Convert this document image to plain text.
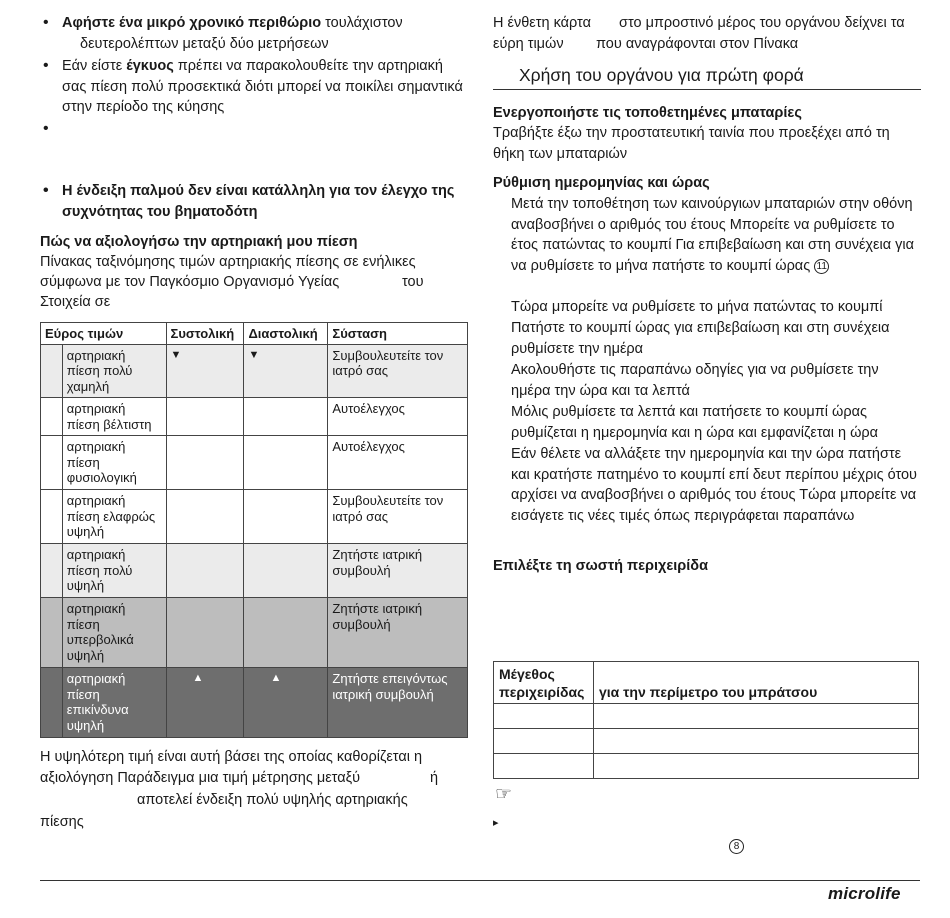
• Αφήστε ένα μικρό χρονικό περιθώριο τουλάχιστον
δευτερολέπτων μεταξύ δύο μετρήσεων
• Εάν είστε έγκυος πρέπει να παρακολουθείτε την αρτηριακή σας πίεση πολύ προσεκτικά διότι μπορεί να ποικίλει σημαντικά στην περίοδο της κύησης
•
• Η ένδειξη παλμού δεν είναι κατάλληλη για τον έλεγχο της συχνότητας του βηματοδότη
Πώς να αξιολογήσω την αρτηριακή μου πίεση
Πίνακας ταξινόμησης τιμών αρτηριακής πίεσης σε ενήλικες
σύμφωνα με τον Παγκόσμιο Οργανισμό Υγείας	του
Στοιχεία σε
Η υψηλότερη τιμή είναι αυτή βάσει της οποίας καθορίζεται η
αξιολόγηση Παράδειγμα μια τιμή μέτρησης μεταξύ	ή
αποτελεί ένδειξη πολύ υψηλής αρτηριακής
πίεσης
Εύρος τιμών		Συστολική	Διαστολική	Σύσταση
	αρτηριακή πίεση πολύ χαμηλή	▼	▼	Συμβουλευτείτε τον ιατρό σας
	αρτηριακή πίεση βέλτιστη			Αυτοέλεγχος
	αρτηριακή πίεση φυσιολογική			Αυτοέλεγχος
	αρτηριακή πίεση ελαφρώς υψηλή			Συμβουλευτείτε τον ιατρό σας
	αρτηριακή πίεση πολύ υψηλή			Ζητήστε ιατρική συμβουλή
	αρτηριακή πίεση υπερβολικά υψηλή			Ζητήστε ιατρική συμβουλή
	αρτηριακή πίεση επικίνδυνα υψηλή	▲	▲	Ζητήστε επειγόντως ιατρική συμβουλή
Η ένθετη κάρτα στο μπροστινό μέρος του οργάνου δείχνει τα
εύρη τιμών που αναγράφονται στον Πίνακα
Χρήση του οργάνου για πρώτη φορά
Ενεργοποιήστε τις τοποθετημένες μπαταρίες
Τραβήξτε έξω την προστατευτική ταινία που προεξέχει από τη θήκη των μπαταριών
Ρύθμιση ημερομηνίας και ώρας
Μετά την τοποθέτηση των καινούργιων μπαταριών στην οθόνη αναβοσβήνει ο αριθμός του έτους Μπορείτε να ρυθμίσετε το έτος πατώντας το κουμπί Για επιβεβαίωση και στη συνέχεια για να ρυθμίσετε το μήνα πατήστε το κουμπί ώρας 11
Τώρα μπορείτε να ρυθμίσετε το μήνα πατώντας το κουμπί
Πατήστε το κουμπί ώρας για επιβεβαίωση και στη συνέχεια ρυθμίσετε την ημέρα
Ακολουθήστε τις παραπάνω οδηγίες για να ρυθμίσετε την ημέρα την ώρα και τα λεπτά
Μόλις ρυθμίσετε τα λεπτά και πατήσετε το κουμπί ώρας ρυθμίζεται η ημερομηνία και η ώρα και εμφανίζεται η ώρα
Εάν θέλετε να αλλάξετε την ημερομηνία και την ώρα πατήστε και κρατήστε πατημένο το κουμπί επί δευτ περίπου μέχρις ότου αρχίσει να αναβοσβήνει ο αριθμός του έτους Τώρα μπορείτε να εισάγετε τις νέες τιμές όπως περιγράφεται παραπάνω
Επιλέξτε τη σωστή περιχειρίδα
☞
▸
8
Μέγεθος
περιχειρίδας	για την περίμετρο του μπράτσου

microlife
